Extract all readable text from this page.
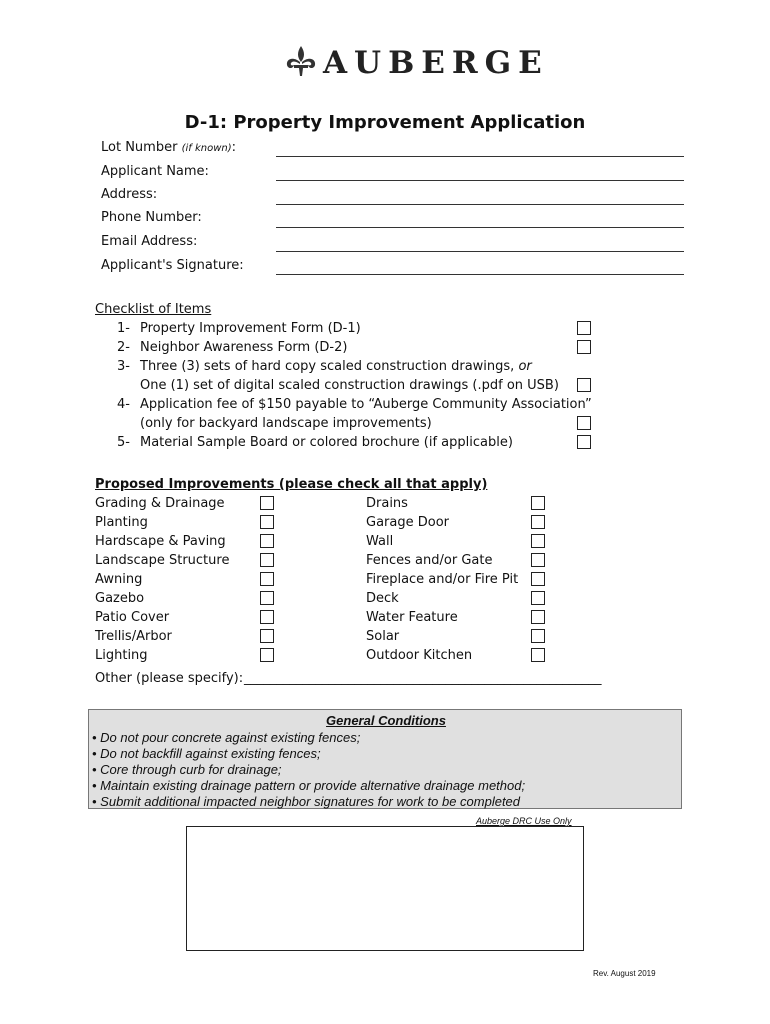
AUBERGE
D-1: Property Improvement Application
Lot Number (if known):
Applicant Name:
Address:
Phone Number:
Email Address:
Applicant's Signature:
Checklist of Items
1- Property Improvement Form (D-1)
2- Neighbor Awareness Form (D-2)
3- Three (3) sets of hard copy scaled construction drawings, or
One (1) set of digital scaled construction drawings (.pdf on USB)
4- Application fee of $150 payable to “Auberge Community Association”
(only for backyard landscape improvements)
5- Material Sample Board or colored brochure (if applicable)
Proposed Improvements (please check all that apply)
Grading & Drainage	Drains
Planting	Garage Door
Hardscape & Paving	Wall
Landscape Structure	Fences and/or Gate
Awning	Fireplace and/or Fire Pit
Gazebo	Deck
Patio Cover	Water Feature
Trellis/Arbor	Solar
Lighting	Outdoor Kitchen
Other (please specify): _______________________________________________________
General Conditions
• Do not pour concrete against existing fences;
• Do not backfill against existing fences;
• Core through curb for drainage;
• Maintain existing drainage pattern or provide alternative drainage method;
• Submit additional impacted neighbor signatures for work to be completed
Auberge DRC Use Only
Rev. August 2019
